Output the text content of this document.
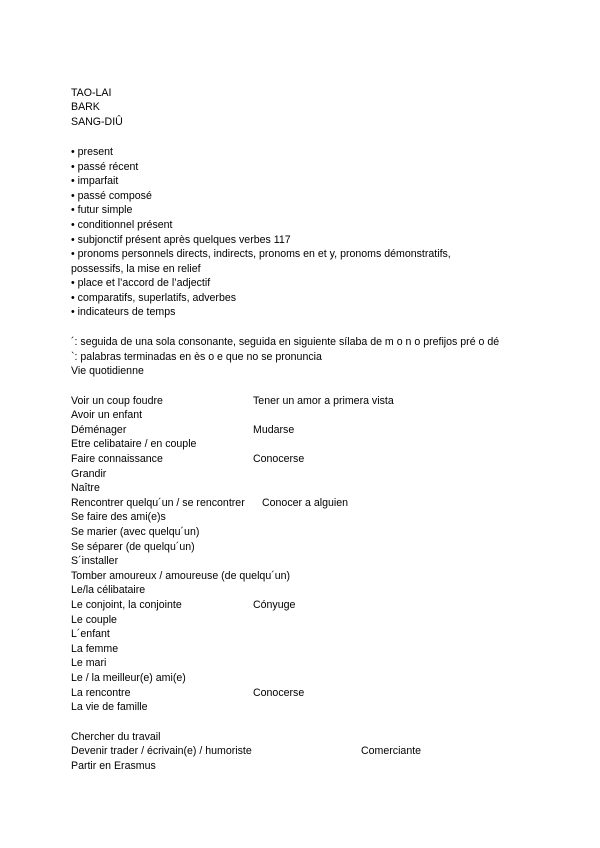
TAO-LAI
BARK
SANG-DIÛ
• present
• passé récent
• imparfait
• passé composé
• futur simple
• conditionnel présent
• subjonctif présent après quelques verbes 117
• pronoms personnels directs, indirects, pronoms en et y, pronoms démonstratifs,
possessifs, la mise en relief
• place et l’accord de l’adjectif
• comparatifs, superlatifs, adverbes
• indicateurs de temps
´: seguida de una sola consonante, seguida en siguiente sílaba de m o n o prefijos pré o dé
`: palabras terminadas en ès o e que no se pronuncia
Vie quotidienne
Voir un coup foudre	Tener un amor a primera vista
Avoir un enfant
Déménager	Mudarse
Etre celibataire / en couple
Faire connaissance	Conocerse
Grandir
Naître
Rencontrer quelqu´un / se rencontrer Conocer a alguien
Se faire des ami(e)s
Se marier (avec quelqu´un)
Se séparer (de quelqu´un)
S´installer
Tomber amoureux / amoureuse (de quelqu´un)
Le/la célibataire
Le conjoint, la conjointe	Cónyuge
Le couple
L´enfant
La femme
Le mari
Le / la meilleur(e) ami(e)
La rencontre	Conocerse
La vie de famille
Chercher du travail
Devenir trader / écrivain(e) / humoriste	Comerciante
Partir en Erasmus
